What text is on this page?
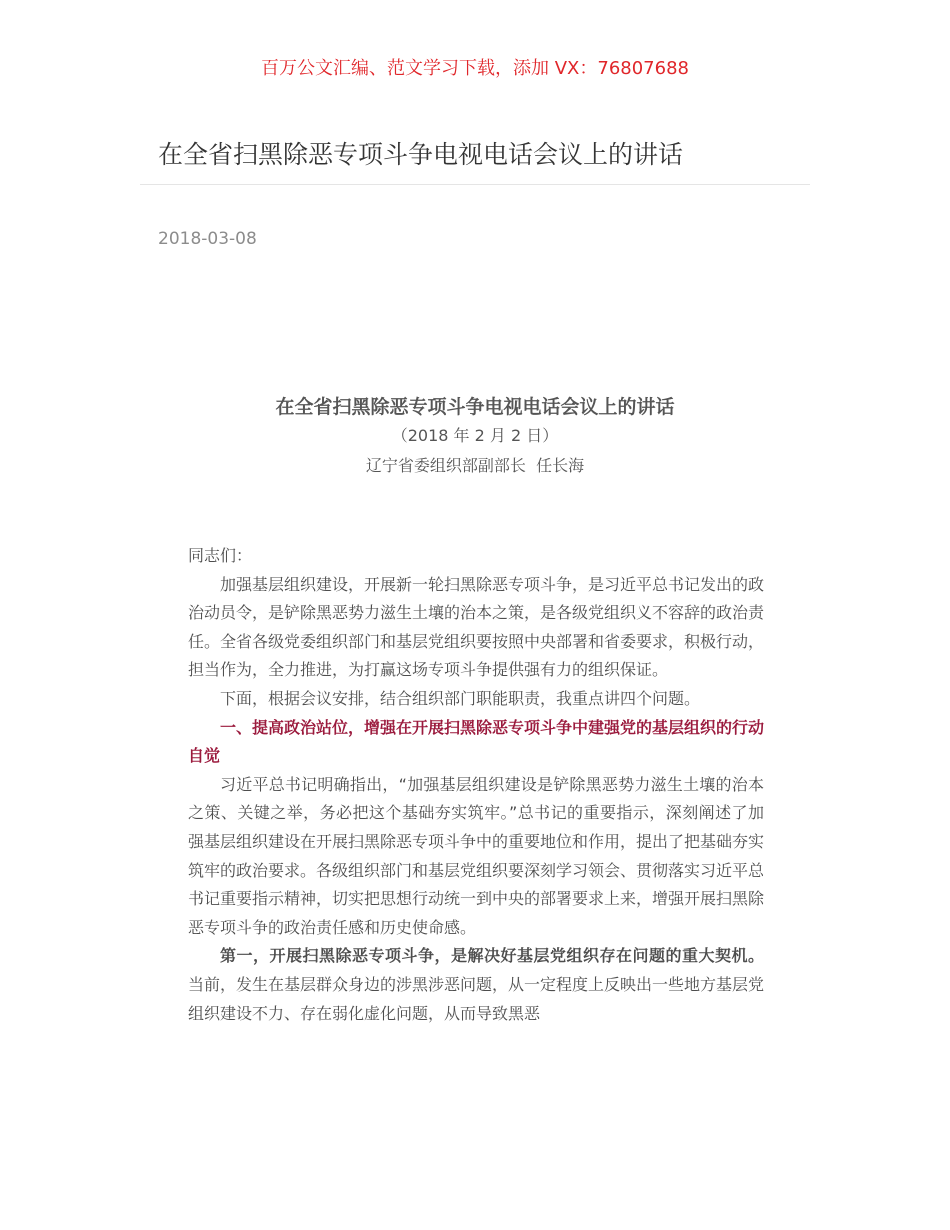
百万公文汇编、范文学习下载，添加 VX：76807688
在全省扫黑除恶专项斗争电视电话会议上的讲话
2018-03-08
在全省扫黑除恶专项斗争电视电话会议上的讲话
（2018 年 2 月 2 日）
辽宁省委组织部副部长  任长海

同志们：

加强基层组织建设，开展新一轮扫黑除恶专项斗争，是习近平总书记发出的政治动员令，是铲除黑恶势力滋生土壤的治本之策，是各级党组织义不容辞的政治责任。全省各级党委组织部门和基层党组织要按照中央部署和省委要求，积极行动，担当作为，全力推进，为打赢这场专项斗争提供强有力的组织保证。

下面，根据会议安排，结合组织部门职能职责，我重点讲四个问题。

一、提高政治站位，增强在开展扫黑除恶专项斗争中建强党的基层组织的行动自觉

习近平总书记明确指出，“加强基层组织建设是铲除黑恶势力滋生土壤的治本之策、关键之举，务必把这个基础夯实筑牢。”总书记的重要指示，深刻阐述了加强基层组织建设在开展扫黑除恶专项斗争中的重要地位和作用，提出了把基础夯实筑牢的政治要求。各级组织部门和基层党组织要深刻学习领会、贯彻落实习近平总书记重要指示精神，切实把思想行动统一到中央的部署要求上来，增强开展扫黑除恶专项斗争的政治责任感和历史使命感。

第一，开展扫黑除恶专项斗争，是解决好基层党组织存在问题的重大契机。当前，发生在基层群众身边的涉黑涉恶问题，从一定程度上反映出一些地方基层党组织建设不力、存在弱化虚化问题，从而导致黑恶
